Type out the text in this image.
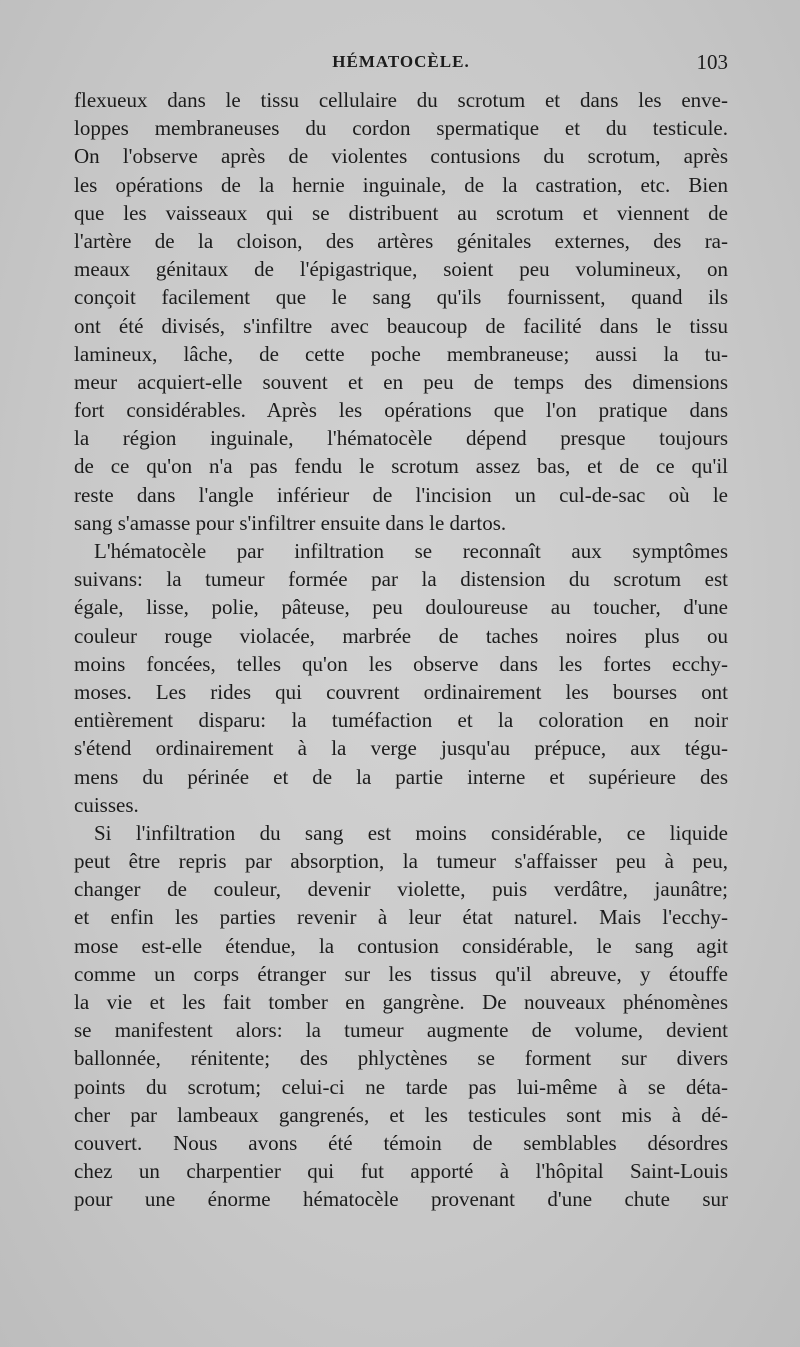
HÉMATOCÈLE.	103
flexueux dans le tissu cellulaire du scrotum et dans les enve-
loppes membraneuses du cordon spermatique et du testicule.
On l'observe après de violentes contusions du scrotum, après
les opérations de la hernie inguinale, de la castration, etc. Bien
que les vaisseaux qui se distribuent au scrotum et viennent de
l'artère de la cloison, des artères génitales externes, des ra-
meaux génitaux de l'épigastrique, soient peu volumineux, on
conçoit facilement que le sang qu'ils fournissent, quand ils
ont été divisés, s'infiltre avec beaucoup de facilité dans le tissu
lamineux, lâche, de cette poche membraneuse; aussi la tu-
meur acquiert-elle souvent et en peu de temps des dimensions
fort considérables. Après les opérations que l'on pratique dans
la région inguinale, l'hématocèle dépend presque toujours
de ce qu'on n'a pas fendu le scrotum assez bas, et de ce qu'il
reste dans l'angle inférieur de l'incision un cul-de-sac où le
sang s'amasse pour s'infiltrer ensuite dans le dartos.
L'hématocèle par infiltration se reconnaît aux symptômes
suivans: la tumeur formée par la distension du scrotum est
égale, lisse, polie, pâteuse, peu douloureuse au toucher, d'une
couleur rouge violacée, marbrée de taches noires plus ou
moins foncées, telles qu'on les observe dans les fortes ecchy-
moses. Les rides qui couvrent ordinairement les bourses ont
entièrement disparu: la tuméfaction et la coloration en noir
s'étend ordinairement à la verge jusqu'au prépuce, aux tégu-
mens du périnée et de la partie interne et supérieure des
cuisses.
Si l'infiltration du sang est moins considérable, ce liquide
peut être repris par absorption, la tumeur s'affaisser peu à peu,
changer de couleur, devenir violette, puis verdâtre, jaunâtre;
et enfin les parties revenir à leur état naturel. Mais l'ecchy-
mose est-elle étendue, la contusion considérable, le sang agit
comme un corps étranger sur les tissus qu'il abreuve, y étouffe
la vie et les fait tomber en gangrène. De nouveaux phénomènes
se manifestent alors: la tumeur augmente de volume, devient
ballonnée, rénitente; des phlyctènes se forment sur divers
points du scrotum; celui-ci ne tarde pas lui-même à se déta-
cher par lambeaux gangrenés, et les testicules sont mis à dé-
couvert. Nous avons été témoin de semblables désordres
chez un charpentier qui fut apporté à l'hôpital Saint-Louis
pour une énorme hématocèle provenant d'une chute sur
